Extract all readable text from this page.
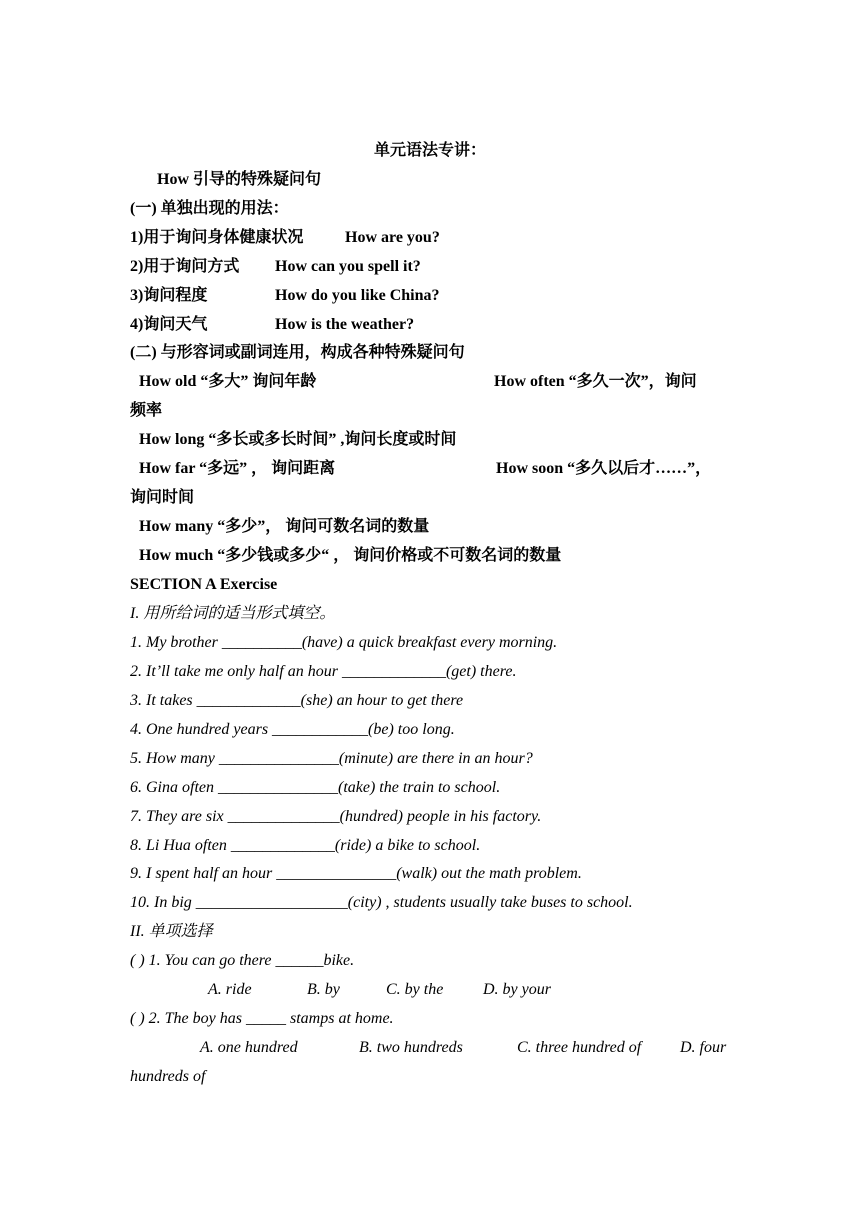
单元语法专讲：
How 引导的特殊疑问句
(一) 单独出现的用法：
1)用于询问身体健康状况	How are you?
2)用于询问方式 How can you spell it?
3)询问程度	How do you like China?
4)询问天气	How is the weather?
(二) 与形容词或副词连用，构成各种特殊疑问句
How old “多大” 询问年龄	How often “多久一次”，询问
频率
How long “多长或多长时间” ,询问长度或时间
How far “多远” ， 询问距离	How soon “多久以后才……”，
询问时间
How many “多少”， 询问可数名词的数量
How much “多少钱或多少“ ， 询问价格或不可数名词的数量
SECTION A Exercise
I. 用所给词的适当形式填空。
1. My brother __________(have) a quick breakfast every morning.
2. It’ll take me only half an hour _____________(get) there.
3. It takes _____________(she) an hour to get there
4. One hundred years ____________(be) too long.
5. How many _______________(minute) are there in an hour?
6. Gina often _______________(take) the train to school.
7. They are six ______________(hundred) people in his factory.
8. Li Hua often _____________(ride) a bike to school.
9. I spent half an hour _______________(walk) out the math problem.
10. In big ___________________(city) , students usually take buses to school.
II. 单项选择
( ) 1. You can go there ______bike.
A. ride	B. by	C. by the D. by your
( ) 2. The boy has _____ stamps at home.
A. one hundred	B. two hundreds	C. three hundred of D. four
hundreds of
